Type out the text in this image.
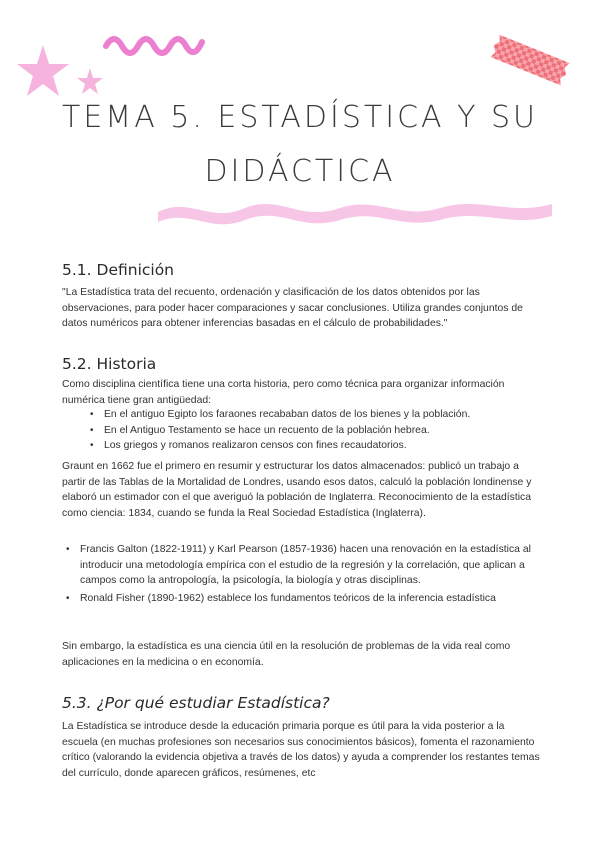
TEMA 5. ESTADÍSTICA Y SU
DIDÁCTICA
5.1. Definición
"La Estadística trata del recuento, ordenación y clasificación de los datos obtenidos por las observaciones, para poder hacer comparaciones y sacar conclusiones. Utiliza grandes conjuntos de datos numéricos para obtener inferencias basadas en el cálculo de probabilidades."
5.2. Historia
Como disciplina científica tiene una corta historia, pero como técnica para organizar información numérica tiene gran antigüedad:
• En el antiguo Egipto los faraones recababan datos de los bienes y la población.
• En el Antiguo Testamento se hace un recuento de la población hebrea.
• Los griegos y romanos realizaron censos con fines recaudatorios.
Graunt en 1662 fue el primero en resumir y estructurar los datos almacenados: publicó un trabajo a partir de las Tablas de la Mortalidad de Londres, usando esos datos, calculó la población londinense y elaboró un estimador con el que averiguó la población de Inglaterra. Reconocimiento de la estadística como ciencia: 1834, cuando se funda la Real Sociedad Estadística (Inglaterra).
• Francis Galton (1822-1911) y Karl Pearson (1857-1936) hacen una renovación en la estadística al introducir una metodología empírica con el estudio de la regresión y la correlación, que aplican a campos como la antropología, la psicología, la biología y otras disciplinas.
• Ronald Fisher (1890-1962) establece los fundamentos teóricos de la inferencia estadística
Sin embargo, la estadística es una ciencia útil en la resolución de problemas de la vida real como aplicaciones en la medicina o en economía.
5.3. ¿Por qué estudiar Estadística?
La Estadística se introduce desde la educación primaria porque es útil para la vida posterior a la escuela (en muchas profesiones son necesarios sus conocimientos básicos), fomenta el razonamiento crítico (valorando la evidencia objetiva a través de los datos) y ayuda a comprender los restantes temas del currículo, donde aparecen gráficos, resúmenes, etc
